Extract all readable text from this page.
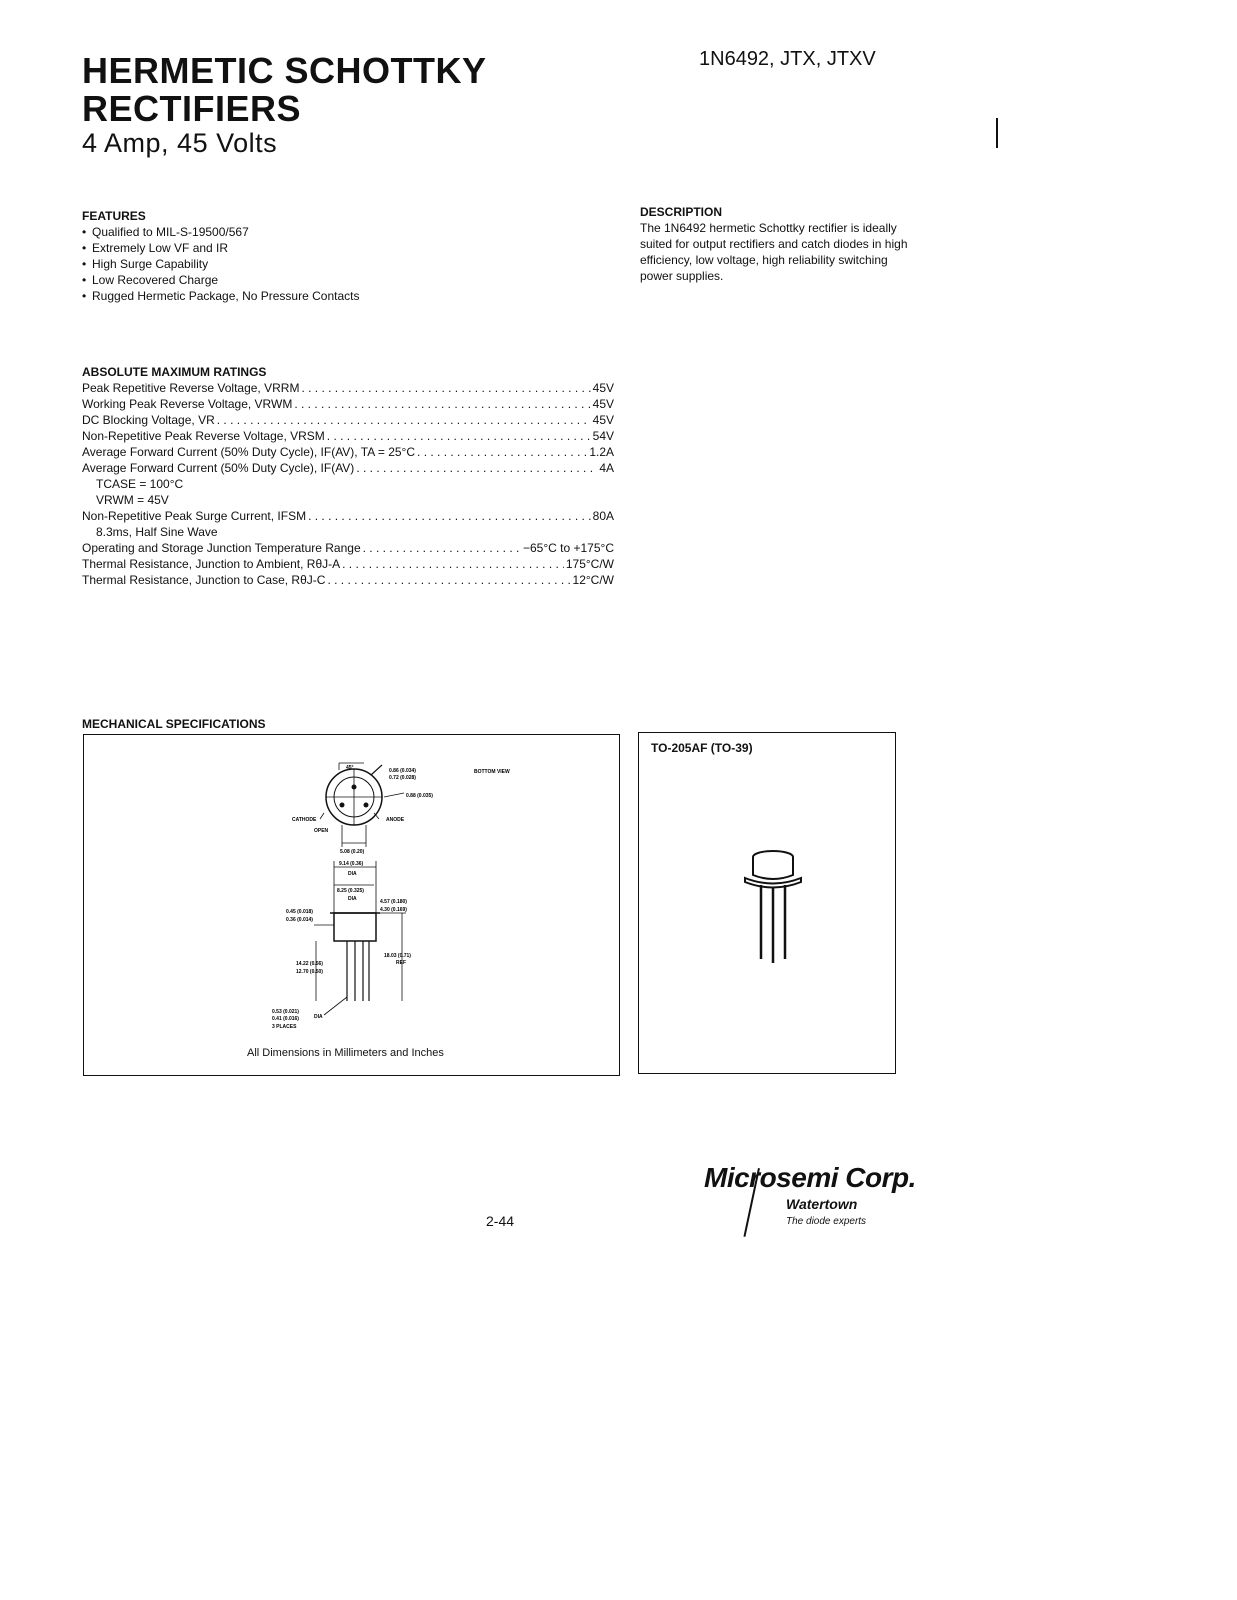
HERMETIC SCHOTTKY
RECTIFIERS
4 Amp, 45 Volts
1N6492, JTX, JTXV
FEATURES
• Qualified to MIL-S-19500/567
• Extremely Low VF and IR
• High Surge Capability
• Low Recovered Charge
• Rugged Hermetic Package, No Pressure Contacts
DESCRIPTION
The 1N6492 hermetic Schottky rectifier is ideally suited for output rectifiers and catch diodes in high efficiency, low voltage, high reliability switching power supplies.
ABSOLUTE MAXIMUM RATINGS
Peak Repetitive Reverse Voltage, VRRM . . .	45V
Working Peak Reverse Voltage, VRWM . . .	45V
DC Blocking Voltage, VR . . .	45V
Non-Repetitive Peak Reverse Voltage, VRSM . . .	54V
Average Forward Current (50% Duty Cycle), IF(AV), TA = 25°C . . .	1.2A
Average Forward Current (50% Duty Cycle), IF(AV) . . .	4A
TCASE = 100°C
VRWM = 45V
Non-Repetitive Peak Surge Current, IFSM . . .	80A
8.3ms, Half Sine Wave
Operating and Storage Junction Temperature Range . . .	−65°C to +175°C
Thermal Resistance, Junction to Ambient, RθJ-A . . .	175°C/W
Thermal Resistance, Junction to Case, RθJ-C . . .	12°C/W
MECHANICAL SPECIFICATIONS
45°	0.86 (0.034)
0.72 (0.028)
0.88 (0.035)
BOTTOM VIEW
CATHODE
OPEN
ANODE
5.08 (0.20)
9.14 (0.36)
DIA
8.25 (0.325)
DIA	4.57 (0.180)
4.30 (0.169)
18.03 (0.71)
REF
0.45 (0.018)
0.36 (0.014)
14.22 (0.56)
12.70 (0.50)
0.53 (0.021)
0.41 (0.016)	DIA
3 PLACES
All Dimensions in Millimeters and Inches
TO-205AF (TO-39)
2-44
Microsemi Corp.
Watertown
The diode experts
